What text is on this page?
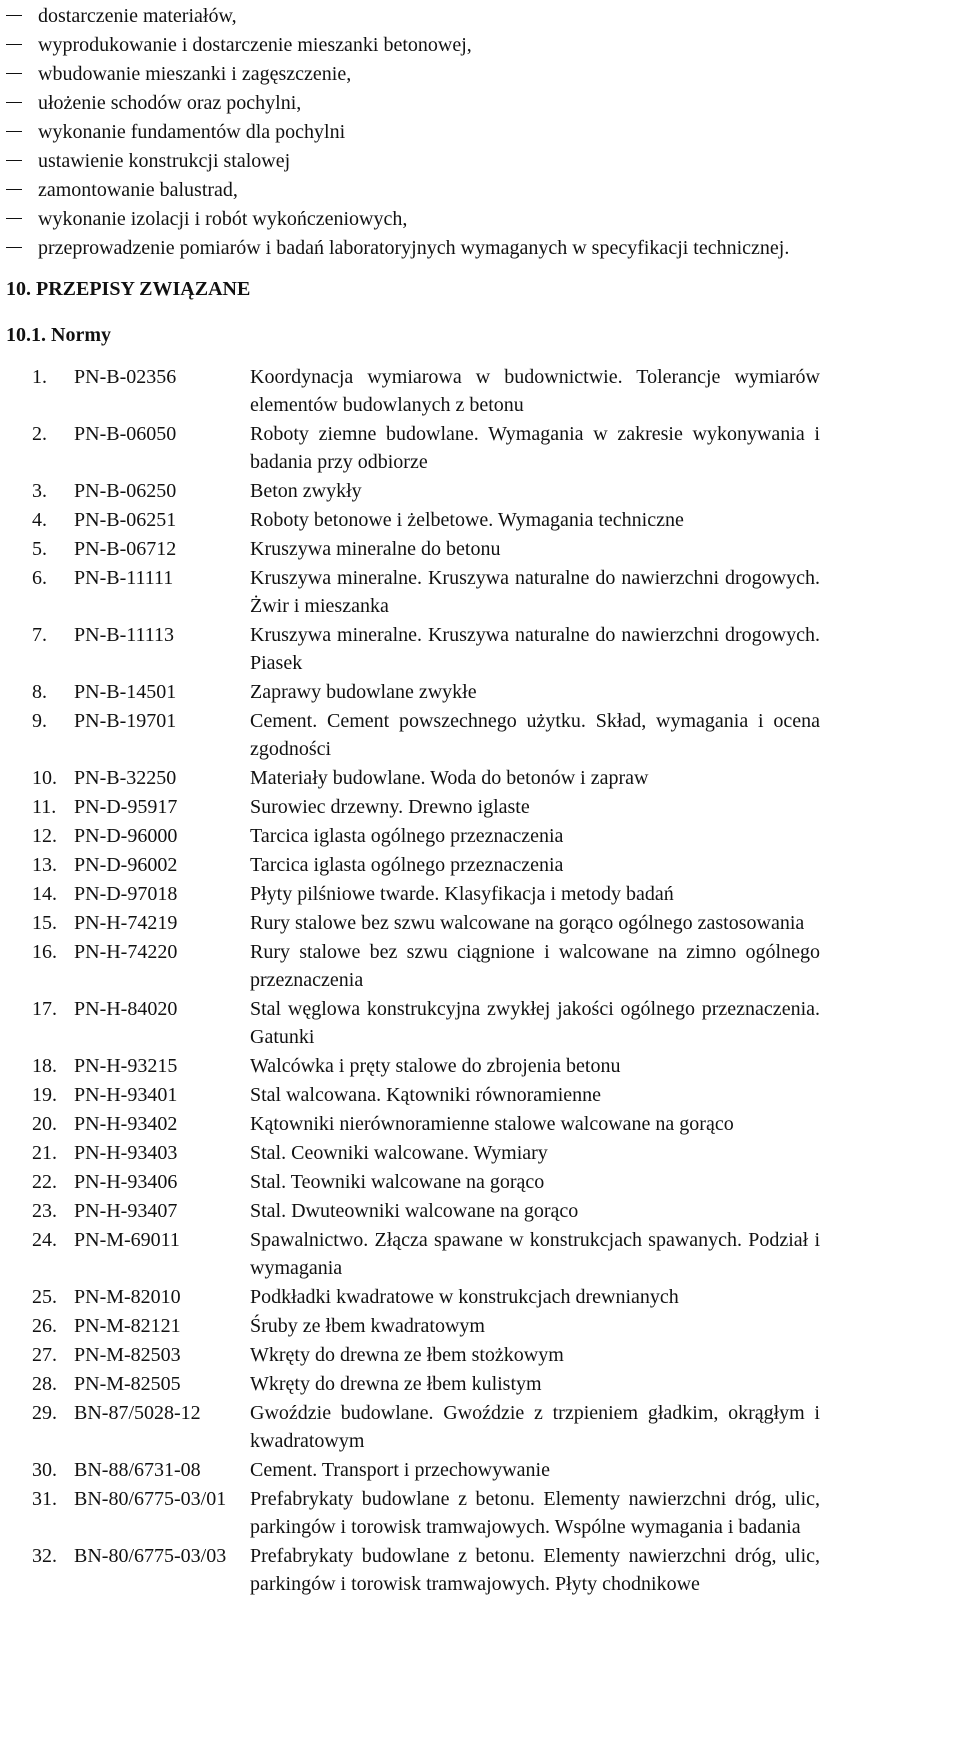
dostarczenie materiałów,
wyprodukowanie i dostarczenie mieszanki betonowej,
wbudowanie mieszanki i zagęszczenie,
ułożenie schodów oraz pochylni,
wykonanie fundamentów dla pochylni
ustawienie konstrukcji stalowej
zamontowanie balustrad,
wykonanie izolacji i robót wykończeniowych,
przeprowadzenie pomiarów i badań laboratoryjnych wymaganych w specyfikacji technicznej.
10. PRZEPISY ZWIĄZANE
10.1. Normy
1.	PN-B-02356	Koordynacja wymiarowa w budownictwie. Tolerancje wymiarów elementów budowlanych z betonu
2.	PN-B-06050	Roboty ziemne budowlane. Wymagania w zakresie wykonywania i badania przy odbiorze
3.	PN-B-06250	Beton zwykły
4.	PN-B-06251	Roboty betonowe i żelbetowe. Wymagania techniczne
5.	PN-B-06712	Kruszywa mineralne do betonu
6.	PN-B-11111	Kruszywa mineralne. Kruszywa naturalne do nawierzchni drogowych. Żwir i mieszanka
7.	PN-B-11113	Kruszywa mineralne. Kruszywa naturalne do nawierzchni drogowych. Piasek
8.	PN-B-14501	Zaprawy budowlane zwykłe
9.	PN-B-19701	Cement. Cement powszechnego użytku. Skład, wymagania i ocena zgodności
10. PN-B-32250	Materiały budowlane. Woda do betonów i zapraw
11. PN-D-95917	Surowiec drzewny. Drewno iglaste
12. PN-D-96000	Tarcica iglasta ogólnego przeznaczenia
13. PN-D-96002	Tarcica iglasta ogólnego przeznaczenia
14. PN-D-97018	Płyty pilśniowe twarde. Klasyfikacja i metody badań
15. PN-H-74219	Rury stalowe bez szwu walcowane na gorąco ogólnego zastosowania
16. PN-H-74220	Rury stalowe bez szwu ciągnione i walcowane na zimno ogólnego przeznaczenia
17. PN-H-84020	Stal węglowa konstrukcyjna zwykłej jakości ogólnego przeznaczenia. Gatunki
18. PN-H-93215	Walcówka i pręty stalowe do zbrojenia betonu
19. PN-H-93401	Stal walcowana. Kątowniki równoramienne
20. PN-H-93402	Kątowniki nierównoramienne stalowe walcowane na gorąco
21. PN-H-93403	Stal. Ceowniki walcowane. Wymiary
22. PN-H-93406	Stal. Teowniki walcowane na gorąco
23. PN-H-93407	Stal. Dwuteowniki walcowane na gorąco
24. PN-M-69011	Spawalnictwo. Złącza spawane w konstrukcjach spawanych. Podział i wymagania
25. PN-M-82010	Podkładki kwadratowe w konstrukcjach drewnianych
26. PN-M-82121	Śruby ze łbem kwadratowym
27. PN-M-82503	Wkręty do drewna ze łbem stożkowym
28. PN-M-82505	Wkręty do drewna ze łbem kulistym
29. BN-87/5028-12	Gwoździe budowlane. Gwoździe z trzpieniem gładkim, okrągłym i kwadratowym
30. BN-88/6731-08	Cement. Transport i przechowywanie
31. BN-80/6775-03/01	Prefabrykaty budowlane z betonu. Elementy nawierzchni dróg, ulic, parkingów i torowisk tramwajowych. Wspólne wymagania i badania
32. BN-80/6775-03/03	Prefabrykaty budowlane z betonu. Elementy nawierzchni dróg, ulic, parkingów i torowisk tramwajowych. Płyty chodnikowe
